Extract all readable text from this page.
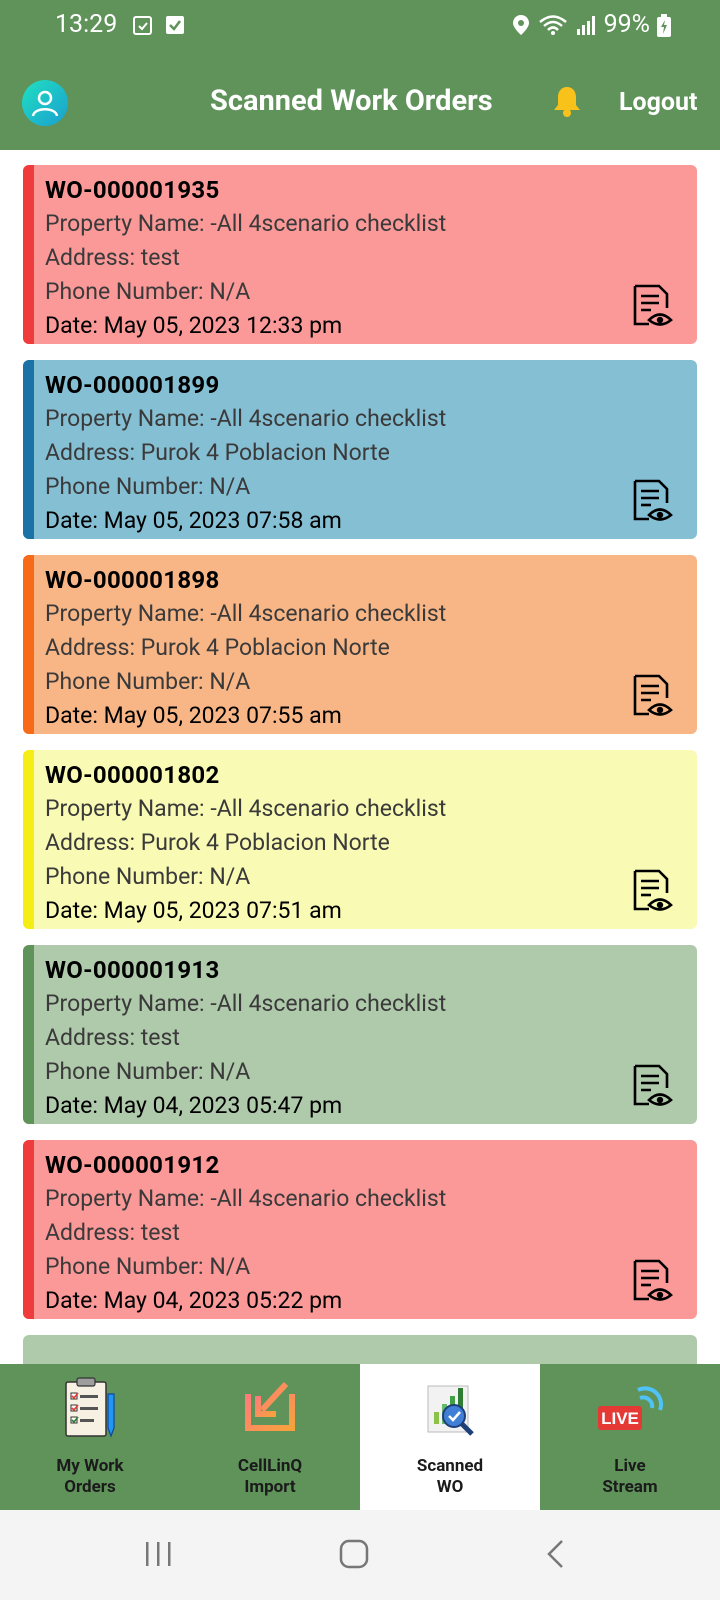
13:29	99%
Scanned Work Orders	Logout
WO-000001935
Property Name: -All 4scenario checklist
Address: test
Phone Number: N/A
Date: May 05, 2023 12:33 pm
WO-000001899
Property Name: -All 4scenario checklist
Address: Purok 4 Poblacion Norte
Phone Number: N/A
Date: May 05, 2023 07:58 am
WO-000001898
Property Name: -All 4scenario checklist
Address: Purok 4 Poblacion Norte
Phone Number: N/A
Date: May 05, 2023 07:55 am
WO-000001802
Property Name: -All 4scenario checklist
Address: Purok 4 Poblacion Norte
Phone Number: N/A
Date: May 05, 2023 07:51 am
WO-000001913
Property Name: -All 4scenario checklist
Address: test
Phone Number: N/A
Date: May 04, 2023 05:47 pm
WO-000001912
Property Name: -All 4scenario checklist
Address: test
Phone Number: N/A
Date: May 04, 2023 05:22 pm
My Work
Orders
CellLinQ
Import
Scanned
WO
LIVE
Live
Stream
